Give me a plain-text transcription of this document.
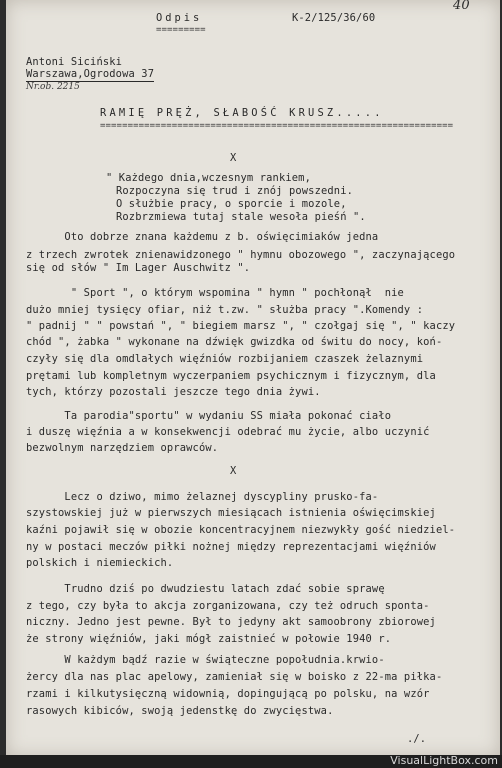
40
Odpis
=========
K-2/125/36/60
Antoni Siciński
Warszawa,Ogrodowa 37
Nr.ob. 2215
RAMIĘ PRĘŻ, SŁABOŚĆ KRUSZ.....
================================================================
X
" Każdego dnia,wczesnym rankiem,
Rozpoczyna się trud i znój powszedni.
O służbie pracy, o sporcie i mozole,
Rozbrzmiewa tutaj stale wesoła pieśń ".
Oto dobrze znana każdemu z b. oświęcimiaków jedna
z trzech zwrotek znienawidzonego " hymnu obozowego ", zaczynającego
się od słów " Im Lager Auschwitz ".
" Sport ", o którym wspomina " hymn " pochłonął  nie
dużo mniej tysięcy ofiar, niż t.zw. " służba pracy ".Komendy :
" padnij " " powstań ", " biegiem marsz ", " czołgaj się ", " kaczy
chód ", żabka " wykonane na dźwięk gwizdka od świtu do nocy, koń-
czyły się dla omdlałych więźniów rozbijaniem czaszek żelaznymi
prętami lub kompletnym wyczerpaniem psychicznym i fizycznym, dla
tych, którzy pozostali jeszcze tego dnia żywi.
Ta parodia"sportu" w wydaniu SS miała pokonać ciało
i duszę więźnia a w konsekwencji odebrać mu życie, albo uczynić
bezwolnym narzędziem oprawców.
X
Lecz o dziwo, mimo żelaznej dyscypliny prusko-fa-
szystowskiej już w pierwszych miesiącach istnienia oświęcimskiej
kaźni pojawił się w obozie koncentracyjnem niezwykły gość niedziel-
ny w postaci meczów piłki nożnej między reprezentacjami więźniów
polskich i niemieckich.
Trudno dziś po dwudziestu latach zdać sobie sprawę
z tego, czy była to akcja zorganizowana, czy też odruch sponta-
niczny. Jedno jest pewne. Był to jedyny akt samoobrony zbiorowej
że strony więźniów, jaki mógł zaistnieć w połowie 1940 r.
W każdym bądź razie w świąteczne popołudnia.krwio-
żercy dla nas plac apelowy, zamieniał się w boisko z 22-ma piłka-
rzami i kilkutysięczną widownią, dopingującą po polsku, na wzór
rasowych kibiców, swoją jedenstkę do zwycięstwa.
./.
VisualLightBox.com
